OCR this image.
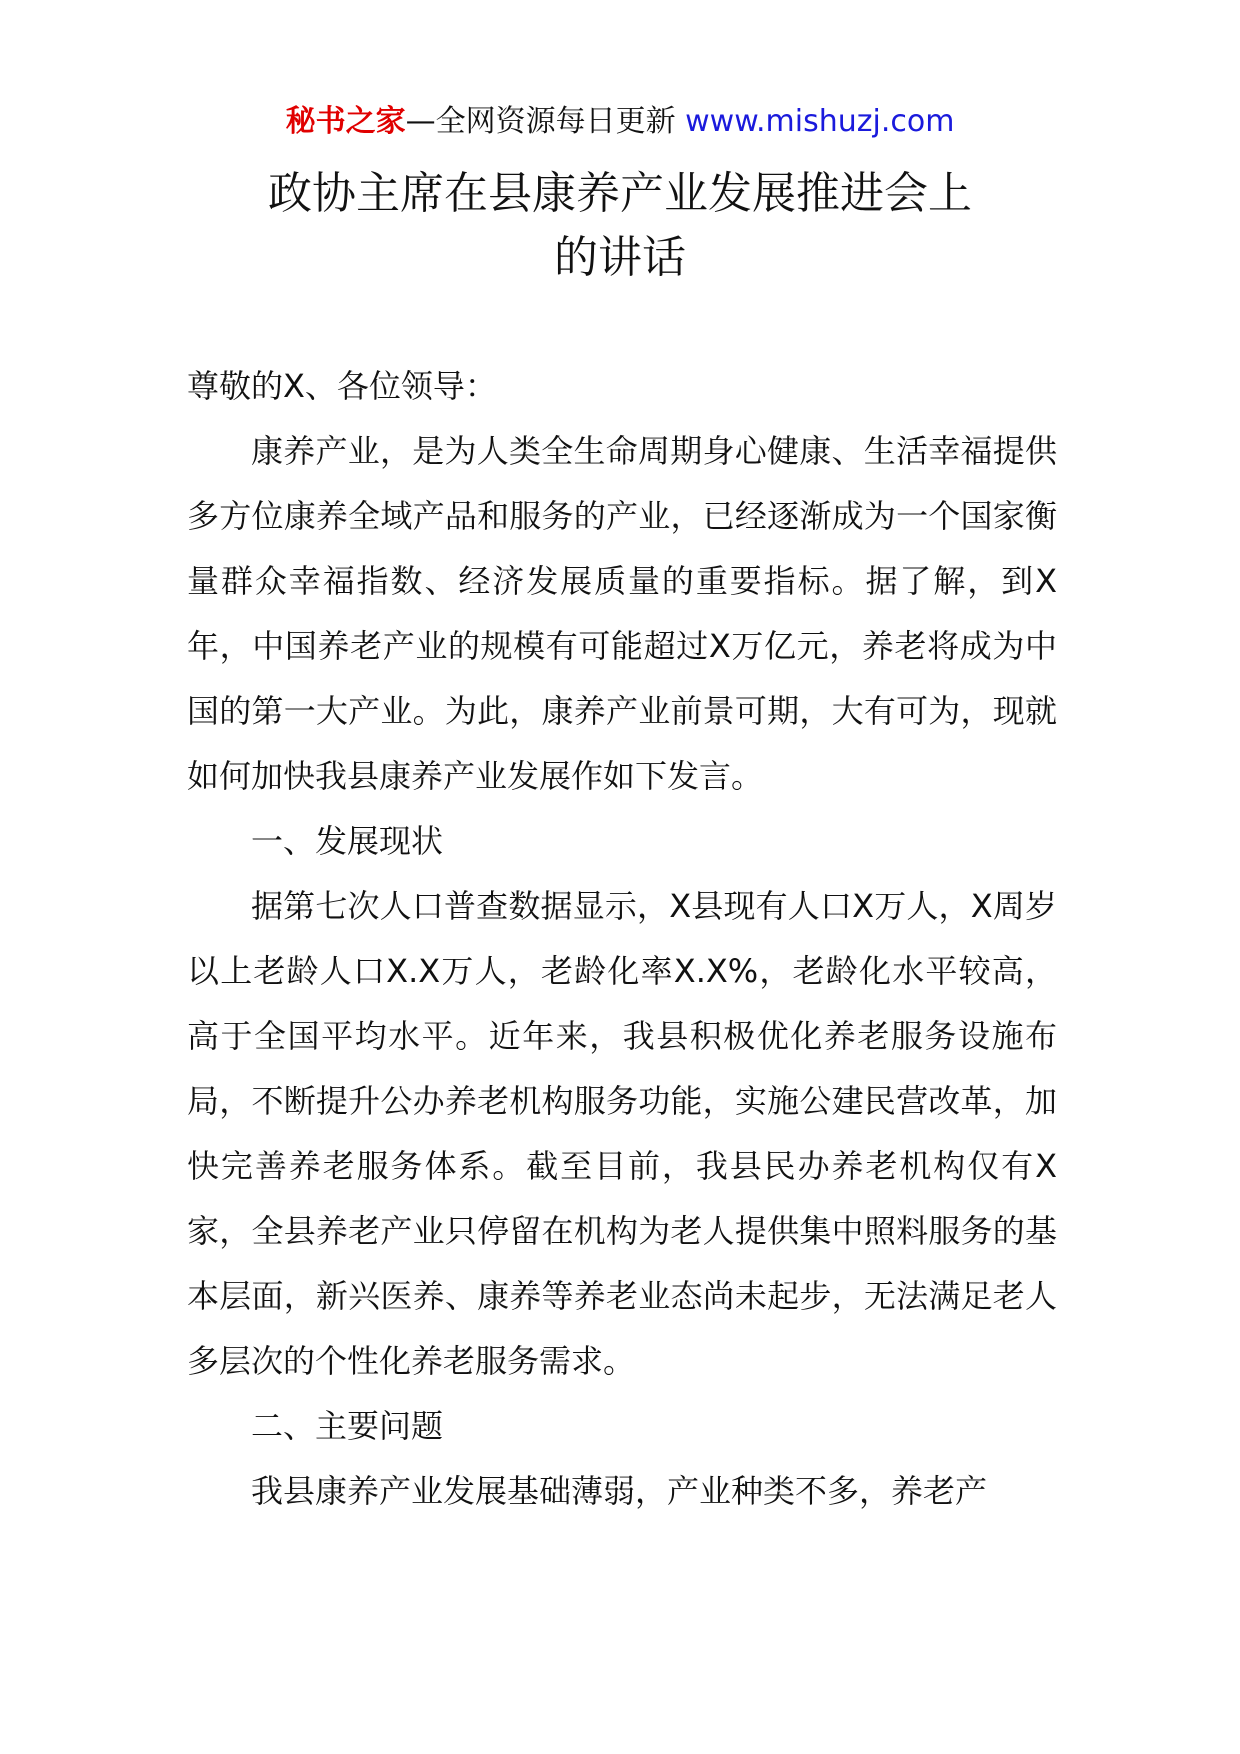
秘书之家—全网资源每日更新 www.mishuzj.com
政协主席在县康养产业发展推进会上
的讲话

尊敬的X、各位领导：

康养产业，是为人类全生命周期身心健康、生活幸福提供多方位康养全域产品和服务的产业，已经逐渐成为一个国家衡量群众幸福指数、经济发展质量的重要指标。据了解，到X年，中国养老产业的规模有可能超过X万亿元，养老将成为中国的第一大产业。为此，康养产业前景可期，大有可为，现就如何加快我县康养产业发展作如下发言。

一、发展现状

据第七次人口普查数据显示，X县现有人口X万人，X周岁以上老龄人口X.X万人，老龄化率X.X%，老龄化水平较高，高于全国平均水平。近年来，我县积极优化养老服务设施布局，不断提升公办养老机构服务功能，实施公建民营改革，加快完善养老服务体系。截至目前，我县民办养老机构仅有X家，全县养老产业只停留在机构为老人提供集中照料服务的基本层面，新兴医养、康养等养老业态尚未起步，无法满足老人多层次的个性化养老服务需求。

二、主要问题

我县康养产业发展基础薄弱，产业种类不多，养老产
